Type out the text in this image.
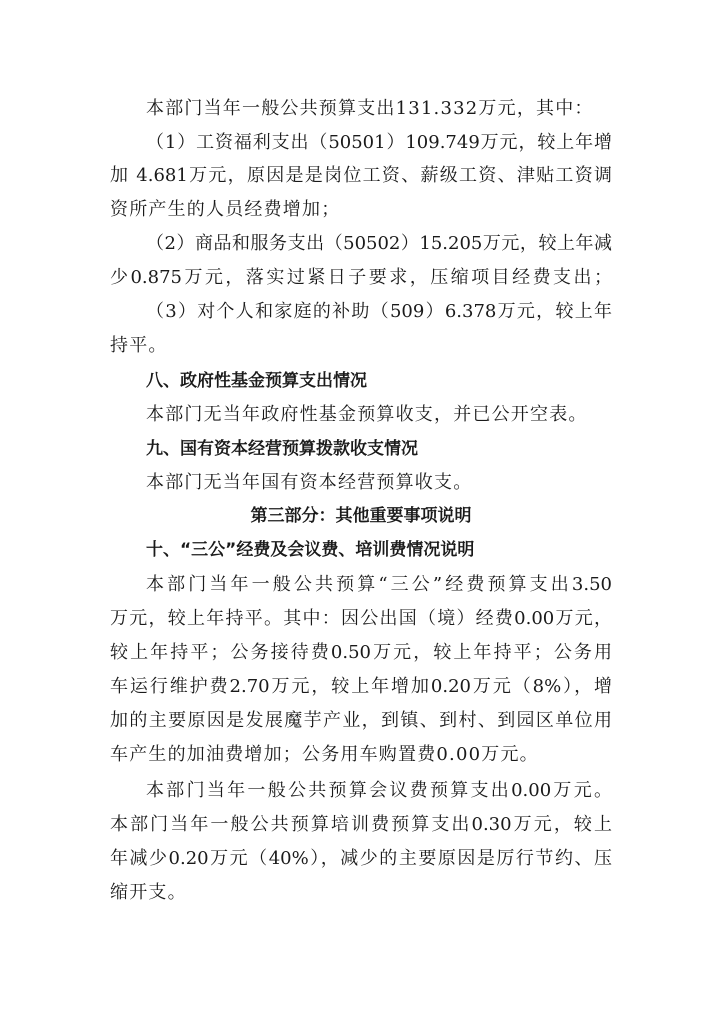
本部门当年一般公共预算支出131.332万元，其中：
（1）工资福利支出（50501）109.749万元，较上年增
加 4.681万元，原因是是岗位工资、薪级工资、津贴工资调
资所产生的人员经费增加；
（2）商品和服务支出（50502）15.205万元，较上年减
少0.875万元，落实过紧日子要求，压缩项目经费支出；
（3）对个人和家庭的补助（509）6.378万元，较上年
持平。
八、政府性基金预算支出情况
本部门无当年政府性基金预算收支，并已公开空表。
九、国有资本经营预算拨款收支情况
本部门无当年国有资本经营预算收支。
第三部分：其他重要事项说明
十、“三公”经费及会议费、培训费情况说明
本部门当年一般公共预算“三公”经费预算支出3.50
万元，较上年持平。其中：因公出国（境）经费0.00万元，
较上年持平；公务接待费0.50万元，较上年持平；公务用
车运行维护费2.70万元，较上年增加0.20万元（8%），增
加的主要原因是发展魔芋产业，到镇、到村、到园区单位用
车产生的加油费增加；公务用车购置费0.00万元。
本部门当年一般公共预算会议费预算支出0.00万元。
本部门当年一般公共预算培训费预算支出0.30万元，较上
年减少0.20万元（40%），减少的主要原因是厉行节约、压
缩开支。
